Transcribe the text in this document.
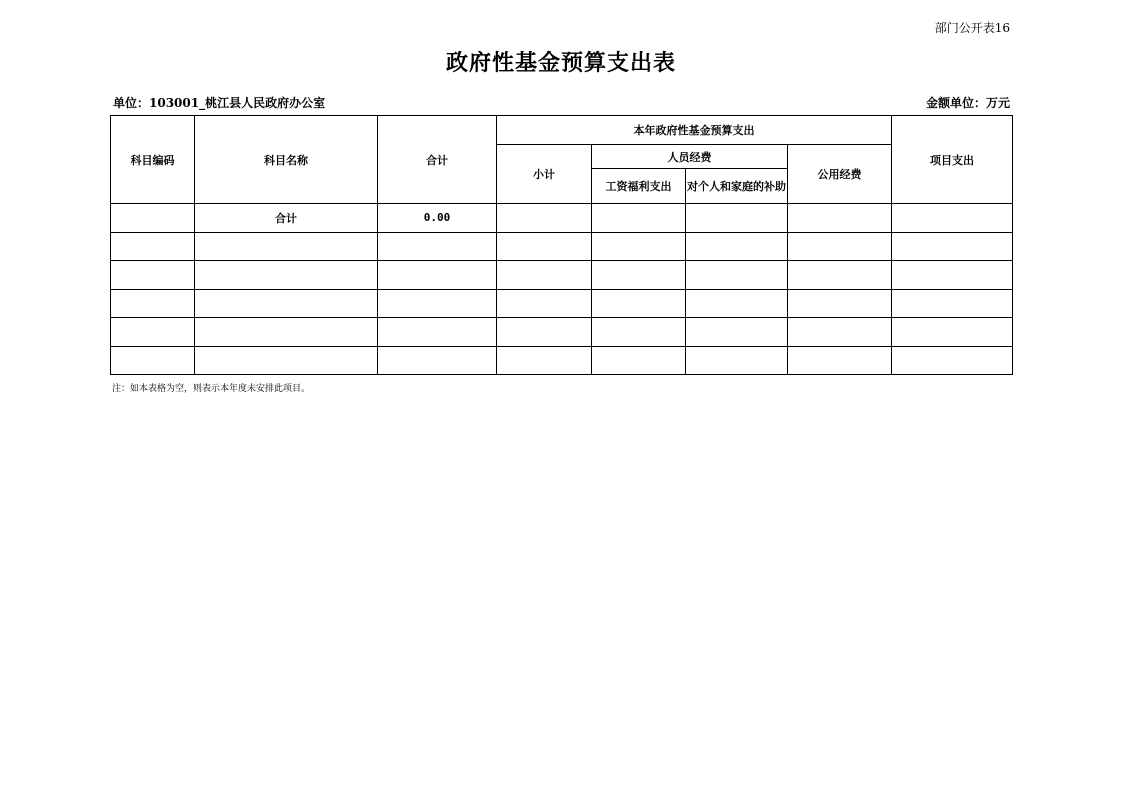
部门公开表16
政府性基金预算支出表
单位：103001_桃江县人民政府办公室	金额单位：万元
科目编码	科目名称	合计	本年政府性基金预算支出				项目支出
			小计	人员经费		公用经费	
				工资福利支出	对个人和家庭的补助		
	合计	0.00					

注：如本表格为空，则表示本年度未安排此项目。
